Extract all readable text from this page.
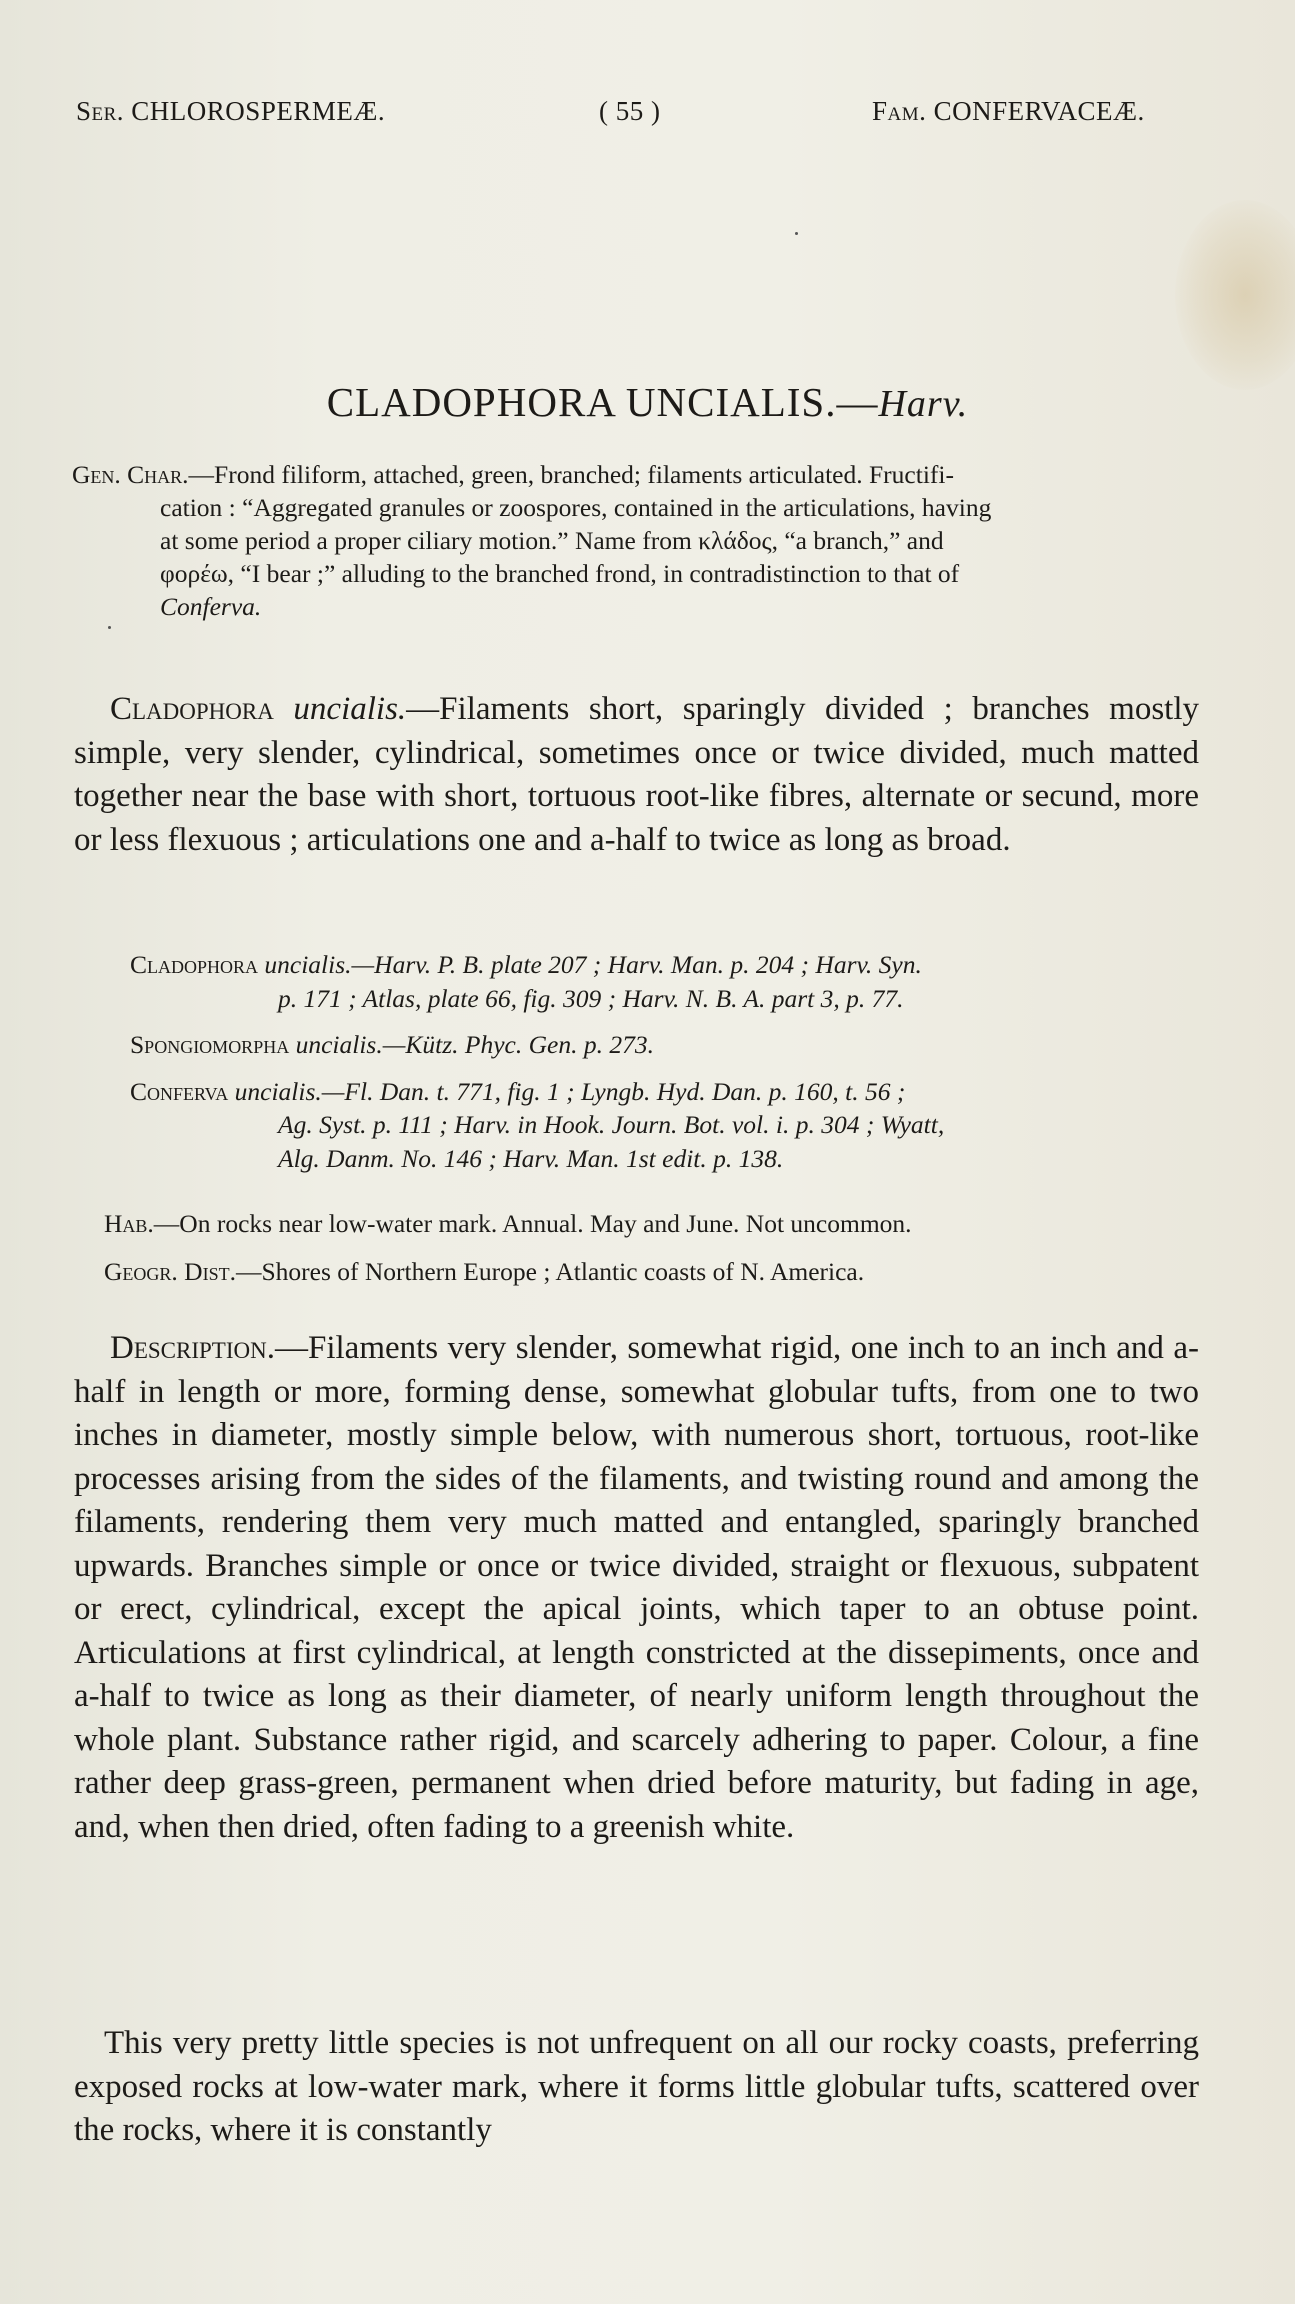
Ser. CHLOROSPERMEÆ.	( 55 )	Fam. CONFERVACEÆ.
CLADOPHORA UNCIALIS.—Harv.
Gen. Char.—Frond filiform, attached, green, branched; filaments articulated. Fructifi-
cation : “Aggregated granules or zoospores, contained in the articulations, having
at some period a proper ciliary motion.” Name from κλάδος, “a branch,” and
φορέω, “I bear ;” alluding to the branched frond, in contradistinction to that of
Conferva.
Cladophora uncialis.—Filaments short, sparingly divided ; branches mostly simple, very slender, cylindrical, sometimes once or twice divided, much matted together near the base with short, tortuous root-like fibres, alternate or secund, more or less flexuous ; articulations one and a-half to twice as long as broad.
Cladophora uncialis.—Harv. P. B. plate 207 ; Harv. Man. p. 204 ; Harv. Syn.
p. 171 ; Atlas, plate 66, fig. 309 ; Harv. N. B. A. part 3, p. 77.
Spongiomorpha uncialis.—Kütz. Phyc. Gen. p. 273.
Conferva uncialis.—Fl. Dan. t. 771, fig. 1 ; Lyngb. Hyd. Dan. p. 160, t. 56 ;
Ag. Syst. p. 111 ; Harv. in Hook. Journ. Bot. vol. i. p. 304 ; Wyatt,
Alg. Danm. No. 146 ; Harv. Man. 1st edit. p. 138.
Hab.—On rocks near low-water mark. Annual. May and June. Not uncommon.
Geogr. Dist.—Shores of Northern Europe ; Atlantic coasts of N. America.
Description.—Filaments very slender, somewhat rigid, one inch to an inch and a-half in length or more, forming dense, somewhat globular tufts, from one to two inches in diameter, mostly simple below, with numerous short, tortuous, root-like processes arising from the sides of the filaments, and twisting round and among the filaments, rendering them very much matted and entangled, sparingly branched upwards. Branches simple or once or twice divided, straight or flexuous, subpatent or erect, cylindrical, except the apical joints, which taper to an obtuse point. Articulations at first cylindrical, at length constricted at the dissepiments, once and a-half to twice as long as their diameter, of nearly uniform length throughout the whole plant. Substance rather rigid, and scarcely adhering to paper. Colour, a fine rather deep grass-green, permanent when dried before maturity, but fading in age, and, when then dried, often fading to a greenish white.
This very pretty little species is not unfrequent on all our rocky coasts, preferring exposed rocks at low-water mark, where it forms little globular tufts, scattered over the rocks, where it is constantly
